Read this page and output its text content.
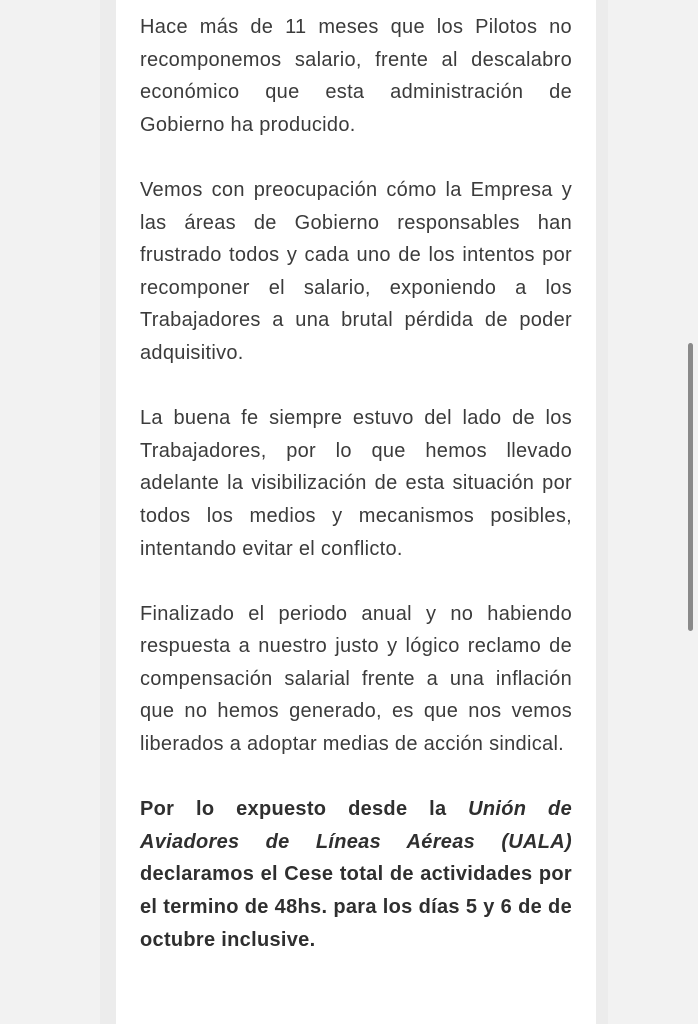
Hace más de 11 meses que los Pilotos no recomponemos salario, frente al descalabro económico que esta administración de Gobierno ha producido.

Vemos con preocupación cómo la Empresa y las áreas de Gobierno responsables han frustrado todos y cada uno de los intentos por recomponer el salario, exponiendo a los Trabajadores a una brutal pérdida de poder adquisitivo.

La buena fe siempre estuvo del lado de los Trabajadores, por lo que hemos llevado adelante la visibilización de esta situación por todos los medios y mecanismos posibles, intentando evitar el conflicto.

Finalizado el periodo anual y no habiendo respuesta a nuestro justo y lógico reclamo de compensación salarial frente a una inflación que no hemos generado, es que nos vemos liberados a adoptar medias de acción sindical.

Por lo expuesto desde la Unión de Aviadores de Líneas Aéreas (UALA) declaramos el Cese total de actividades por el termino de 48hs. para los días 5 y 6 de de octubre inclusive.
